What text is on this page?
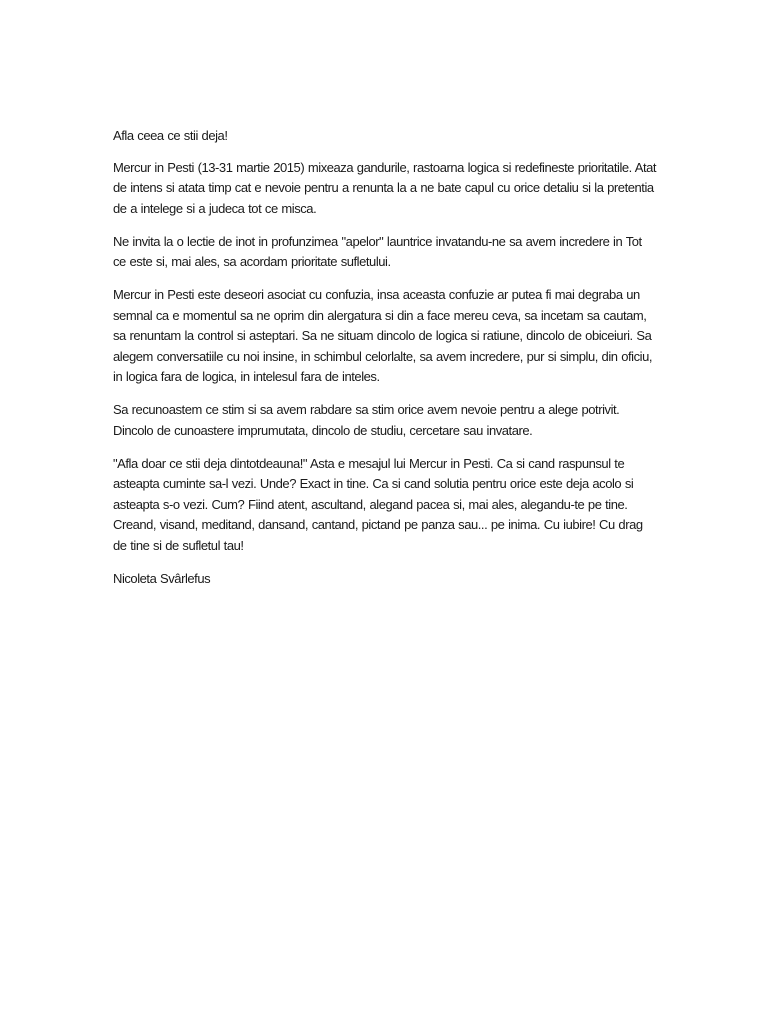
Afla ceea ce stii deja!

Mercur in Pesti (13-31 martie 2015) mixeaza gandurile, rastoarna logica si redefineste prioritatile. Atat de intens si atata timp cat e nevoie pentru a renunta la a ne bate capul cu orice detaliu si la pretentia de a intelege si a judeca tot ce misca.

Ne invita la o lectie de inot in profunzimea "apelor" launtrice invatandu-ne sa avem incredere in Tot ce este si, mai ales, sa acordam prioritate sufletului.

Mercur in Pesti este deseori asociat cu confuzia, insa aceasta confuzie ar putea fi mai degraba un semnal ca e momentul sa ne oprim din alergatura si din a face mereu ceva, sa incetam sa cautam, sa renuntam la control si asteptari. Sa ne situam dincolo de logica si ratiune, dincolo de obiceiuri. Sa alegem conversatiile cu noi insine, in schimbul celorlalte, sa avem incredere, pur si simplu, din oficiu, in logica fara de logica, in intelesul fara de inteles.

Sa recunoastem ce stim si sa avem rabdare sa stim orice avem nevoie pentru a alege potrivit. Dincolo de cunoastere imprumutata, dincolo de studiu, cercetare sau invatare.

"Afla doar ce stii deja dintotdeauna!" Asta e mesajul lui Mercur in Pesti. Ca si cand raspunsul te asteapta cuminte sa-l vezi. Unde? Exact in tine. Ca si cand solutia pentru orice este deja acolo si asteapta s-o vezi. Cum? Fiind atent, ascultand, alegand pacea si, mai ales, alegandu-te pe tine. Creand, visand, meditand, dansand, cantand, pictand pe panza sau... pe inima. Cu iubire! Cu drag de tine si de sufletul tau!

Nicoleta Svârlefus
